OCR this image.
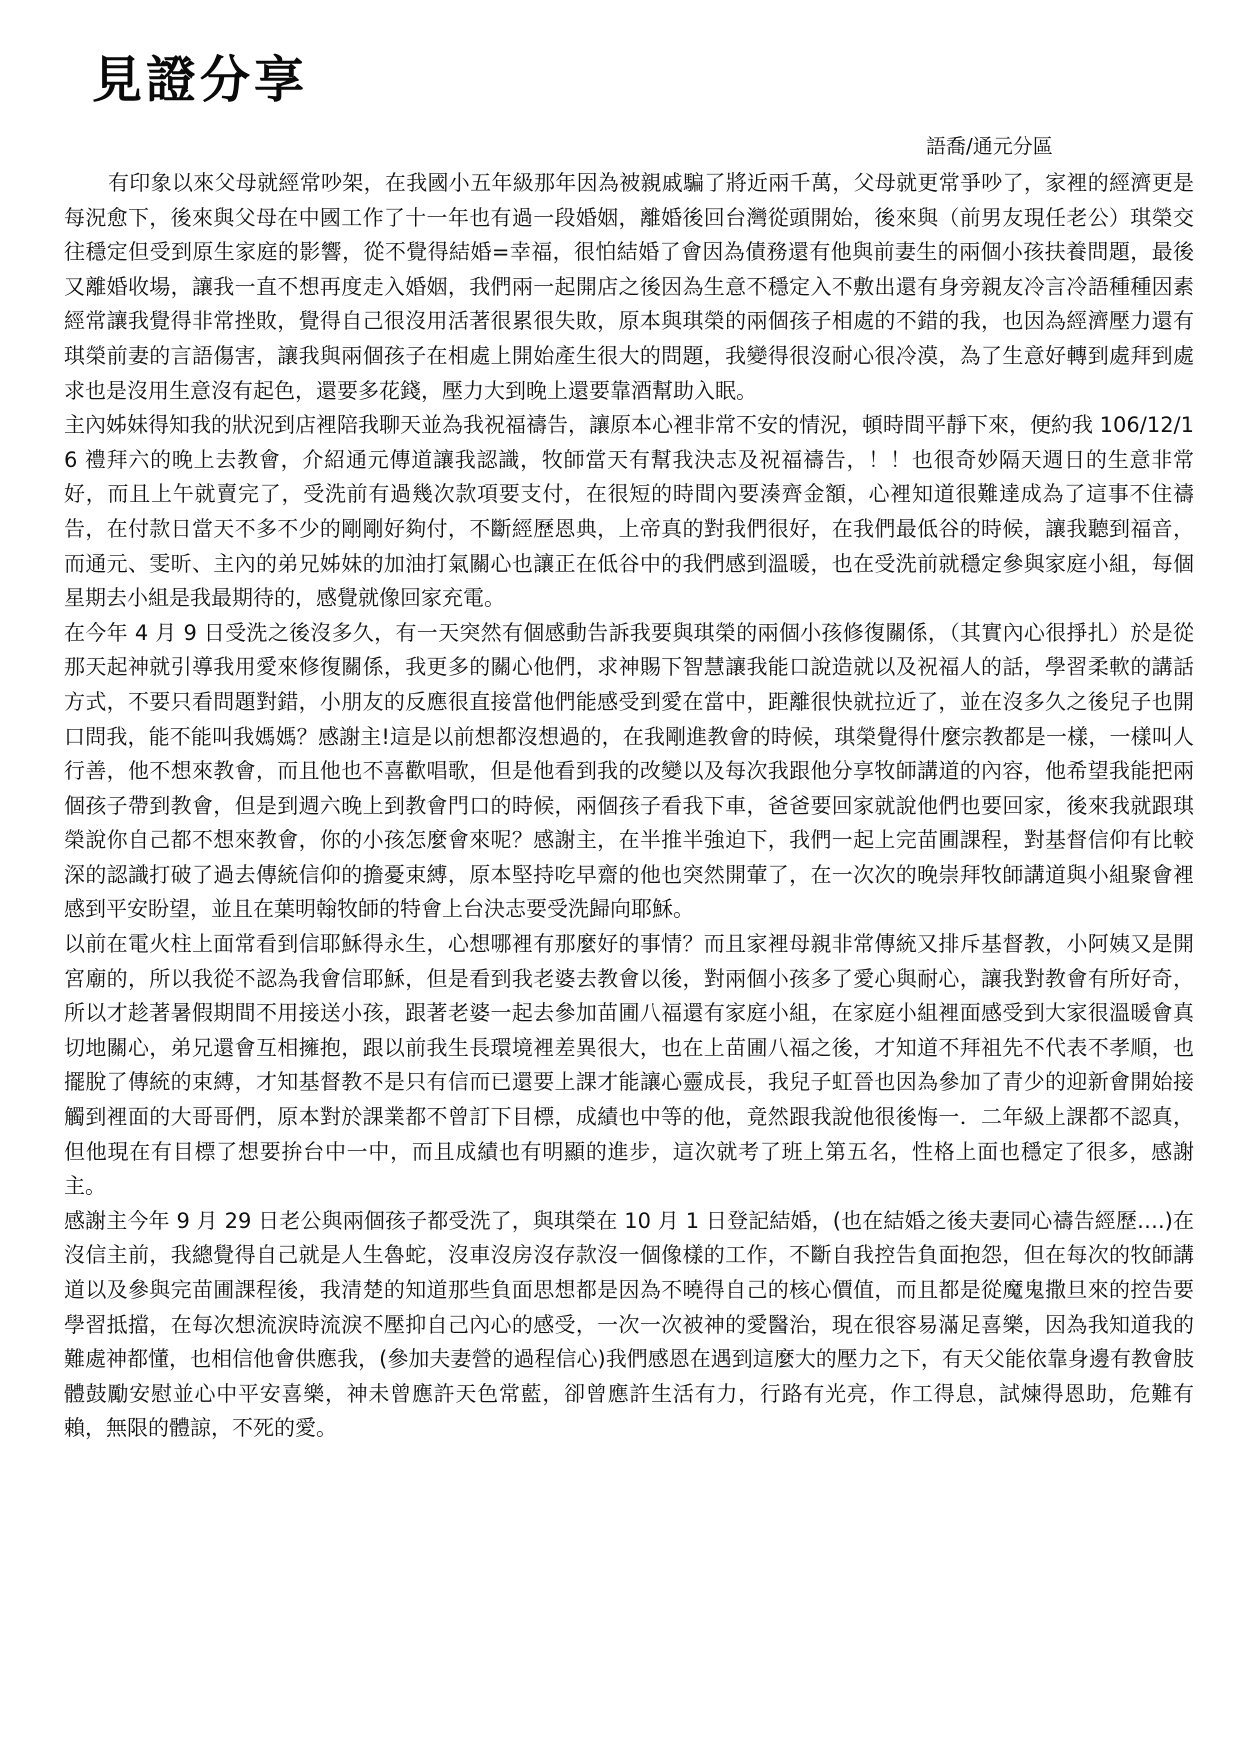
見證分享
語喬/通元分區

有印象以來父母就經常吵架，在我國小五年級那年因為被親戚騙了將近兩千萬，父母就更常爭吵了，家裡的經濟更是每況愈下，後來與父母在中國工作了十一年也有過一段婚姻，離婚後回台灣從頭開始，後來與（前男友現任老公）琪榮交往穩定但受到原生家庭的影響，從不覺得結婚=幸福，很怕結婚了會因為債務還有他與前妻生的兩個小孩扶養問題，最後又離婚收場，讓我一直不想再度走入婚姻，我們兩一起開店之後因為生意不穩定入不敷出還有身旁親友冷言冷語種種因素經常讓我覺得非常挫敗，覺得自己很沒用活著很累很失敗，原本與琪榮的兩個孩子相處的不錯的我，也因為經濟壓力還有琪榮前妻的言語傷害，讓我與兩個孩子在相處上開始產生很大的問題，我變得很沒耐心很冷漠，為了生意好轉到處拜到處求也是沒用生意沒有起色，還要多花錢，壓力大到晚上還要靠酒幫助入眠。

主內姊妹得知我的狀況到店裡陪我聊天並為我祝福禱告，讓原本心裡非常不安的情況，頓時間平靜下來，便約我 106/12/16 禮拜六的晚上去教會，介紹通元傳道讓我認識，牧師當天有幫我決志及祝福禱告，！！也很奇妙隔天週日的生意非常好，而且上午就賣完了，受洗前有過幾次款項要支付，在很短的時間內要湊齊金額，心裡知道很難達成為了這事不住禱告，在付款日當天不多不少的剛剛好夠付，不斷經歷恩典，上帝真的對我們很好，在我們最低谷的時候，讓我聽到福音，而通元、雯昕、主內的弟兄姊妹的加油打氣關心也讓正在低谷中的我們感到溫暖，也在受洗前就穩定參與家庭小組，每個星期去小組是我最期待的，感覺就像回家充電。

在今年 4 月 9 日受洗之後沒多久，有一天突然有個感動告訴我要與琪榮的兩個小孩修復關係，（其實內心很掙扎）於是從那天起神就引導我用愛來修復關係，我更多的關心他們，求神賜下智慧讓我能口說造就以及祝福人的話，學習柔軟的講話方式，不要只看問題對錯，小朋友的反應很直接當他們能感受到愛在當中，距離很快就拉近了，並在沒多久之後兒子也開口問我，能不能叫我媽媽？感謝主!這是以前想都沒想過的，在我剛進教會的時候，琪榮覺得什麼宗教都是一樣，一樣叫人行善，他不想來教會，而且他也不喜歡唱歌，但是他看到我的改變以及每次我跟他分享牧師講道的內容，他希望我能把兩個孩子帶到教會，但是到週六晚上到教會門口的時候，兩個孩子看我下車，爸爸要回家就說他們也要回家，後來我就跟琪榮說你自己都不想來教會，你的小孩怎麼會來呢？感謝主，在半推半強迫下，我們一起上完苗圃課程，對基督信仰有比較深的認識打破了過去傳統信仰的擔憂束縛，原本堅持吃早齋的他也突然開葷了，在一次次的晚崇拜牧師講道與小組聚會裡感到平安盼望，並且在葉明翰牧師的特會上台決志要受洗歸向耶穌。

以前在電火柱上面常看到信耶穌得永生，心想哪裡有那麼好的事情？而且家裡母親非常傳統又排斥基督教，小阿姨又是開宮廟的，所以我從不認為我會信耶穌，但是看到我老婆去教會以後，對兩個小孩多了愛心與耐心，讓我對教會有所好奇，所以才趁著暑假期間不用接送小孩，跟著老婆一起去參加苗圃八福還有家庭小組，在家庭小組裡面感受到大家很溫暖會真切地關心，弟兄還會互相擁抱，跟以前我生長環境裡差異很大，也在上苗圃八福之後，才知道不拜祖先不代表不孝順，也擺脫了傳統的束縛，才知基督教不是只有信而已還要上課才能讓心靈成長，我兒子虹晉也因為參加了青少的迎新會開始接觸到裡面的大哥哥們，原本對於課業都不曾訂下目標，成績也中等的他，竟然跟我說他很後悔一．二年級上課都不認真，但他現在有目標了想要拚台中一中，而且成績也有明顯的進步，這次就考了班上第五名，性格上面也穩定了很多，感謝主。

感謝主今年 9 月 29 日老公與兩個孩子都受洗了，與琪榮在 10 月 1 日登記結婚，(也在結婚之後夫妻同心禱告經歷….)在沒信主前，我總覺得自己就是人生魯蛇，沒車沒房沒存款沒一個像樣的工作，不斷自我控告負面抱怨，但在每次的牧師講道以及參與完苗圃課程後，我清楚的知道那些負面思想都是因為不曉得自己的核心價值，而且都是從魔鬼撒旦來的控告要學習抵擋，在每次想流淚時流淚不壓抑自己內心的感受，一次一次被神的愛醫治，現在很容易滿足喜樂，因為我知道我的難處神都懂，也相信他會供應我，(參加夫妻營的過程信心)我們感恩在遇到這麼大的壓力之下，有天父能依靠身邊有教會肢體鼓勵安慰並心中平安喜樂，神未曾應許天色常藍，卻曾應許生活有力，行路有光亮，作工得息，試煉得恩助，危難有賴，無限的體諒，不死的愛。
